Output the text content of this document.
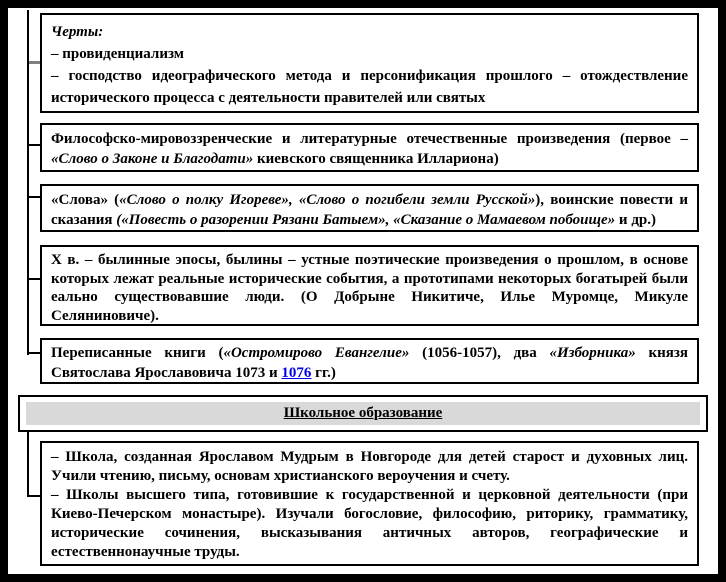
Черты:

– провиденциализм

– господство идеографического метода и персонификация прошлого – отождествление исторического процесса с деятельности правителей или святых

Философско-мировоззренческие и литературные отечественные произведения (первое – «Слово о Законе и Благодати» киевского священника Иллариона)

«Слова» («Слово о полку Игореве», «Слово о погибели земли Русской»), воинские повести и сказания («Повесть о разорении Рязани Батыем», «Сказание о Мамаевом побоище» и др.)

X в. – былинные эпосы, былины – устные поэтические произведения о прошлом, в основе которых лежат реальные исторические события, а прототипами некоторых богатырей были еально существовавшие люди. (О Добрыне Никитиче, Илье Муромце, Микуле Селяниновиче).

Переписанные книги («Остромирово Евангелие» (1056-1057), два «Изборника» князя Святослава Ярославовича 1073 и 1076 гг.)

Школьное образование

– Школа, созданная Ярославом Мудрым в Новгороде для детей старост и духовных лиц. Учили чтению, письму, основам христианского вероучения и счету.

– Школы высшего типа, готовившие к государственной и церковной деятельности (при Киево-Печерском монастыре). Изучали богословие, философию, риторику, грамматику, исторические сочинения, высказывания античных авторов, географические и естественнонаучные труды.
